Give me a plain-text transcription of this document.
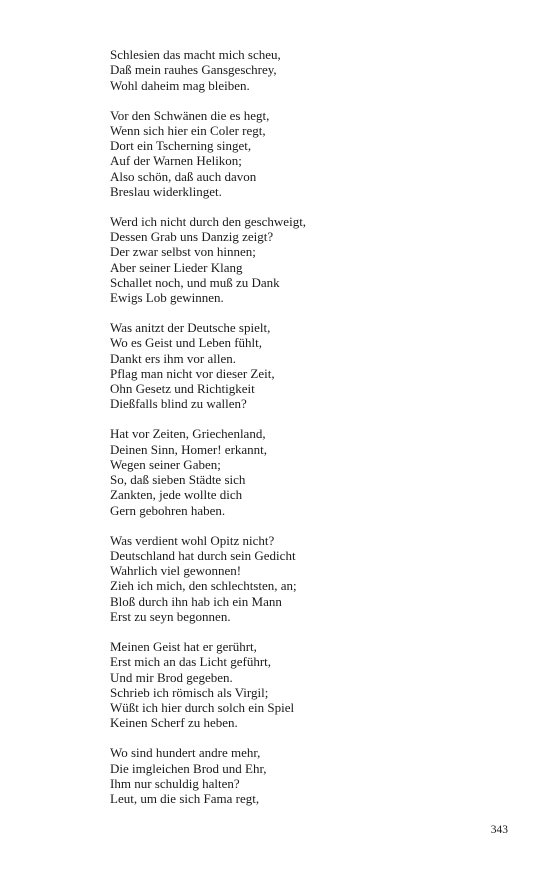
Schlesien das macht mich scheu,
Daß mein rauhes Gansgeschrey,
Wohl daheim mag bleiben.
Vor den Schwänen die es hegt,
Wenn sich hier ein Coler regt,
Dort ein Tscherning singet,
Auf der Warnen Helikon;
Also schön, daß auch davon
Breslau widerklinget.
Werd ich nicht durch den geschweigt,
Dessen Grab uns Danzig zeigt?
Der zwar selbst von hinnen;
Aber seiner Lieder Klang
Schallet noch, und muß zu Dank
Ewigs Lob gewinnen.
Was anitzt der Deutsche spielt,
Wo es Geist und Leben fühlt,
Dankt ers ihm vor allen.
Pflag man nicht vor dieser Zeit,
Ohn Gesetz und Richtigkeit
Dießfalls blind zu wallen?
Hat vor Zeiten, Griechenland,
Deinen Sinn, Homer! erkannt,
Wegen seiner Gaben;
So, daß sieben Städte sich
Zankten, jede wollte dich
Gern gebohren haben.
Was verdient wohl Opitz nicht?
Deutschland hat durch sein Gedicht
Wahrlich viel gewonnen!
Zieh ich mich, den schlechtsten, an;
Bloß durch ihn hab ich ein Mann
Erst zu seyn begonnen.
Meinen Geist hat er gerührt,
Erst mich an das Licht geführt,
Und mir Brod gegeben.
Schrieb ich römisch als Virgil;
Wüßt ich hier durch solch ein Spiel
Keinen Scherf zu heben.
Wo sind hundert andre mehr,
Die imgleichen Brod und Ehr,
Ihm nur schuldig halten?
Leut, um die sich Fama regt,
343
